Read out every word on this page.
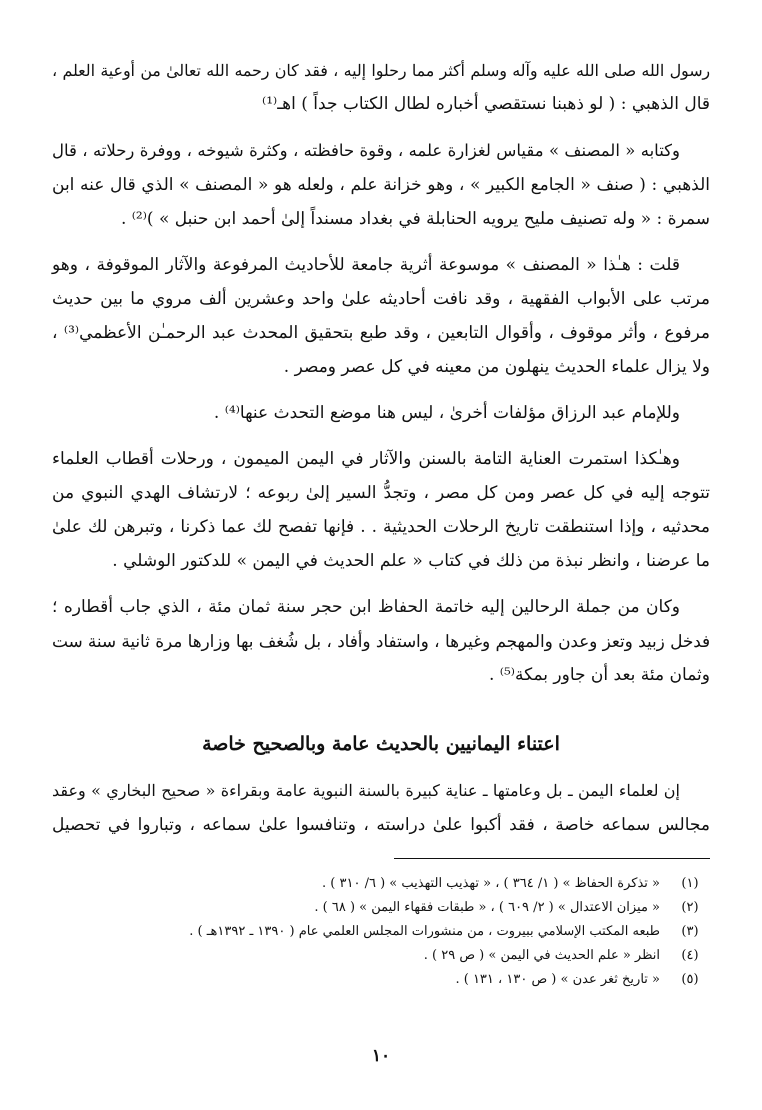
رسول الله صلى الله عليه وآله وسلم أكثر مما رحلوا إليه ، فقد كان رحمه الله تعالىٰ من أوعية العلم ،
قال الذهبي : ( لو ذهبنا نستقصي أخباره لطال الكتاب جداً ) اهـ⁽¹⁾
وكتابه « المصنف » مقياس لغزارة علمه ، وقوة حافظته ، وكثرة شيوخه ، ووفرة رحلاته ، قال
الذهبي : ( صنف « الجامع الكبير » ، وهو خزانة علم ، ولعله هو « المصنف » الذي قال عنه ابن
سمرة : « وله تصنيف مليح يرويه الحنابلة في بغداد مسنداً إلىٰ أحمد ابن حنبل » )⁽²⁾ .
قلت : هـٰذا « المصنف » موسوعة أثرية جامعة للأحاديث المرفوعة والآثار الموقوفة ، وهو
مرتب على الأبواب الفقهية ، وقد نافت أحاديثه علىٰ واحد وعشرين ألف مروي ما بين حديث
مرفوع ، وأثر موقوف ، وأقوال التابعين ، وقد طبع بتحقيق المحدث عبد الرحمـٰن الأعظمي⁽³⁾ ،
ولا يزال علماء الحديث ينهلون من معينه في كل عصر ومصر .
وللإمام عبد الرزاق مؤلفات أخرىٰ ، ليس هنا موضع التحدث عنها⁽⁴⁾ .
وهـٰكذا استمرت العناية التامة بالسنن والآثار في اليمن الميمون ، ورحلات أقطاب العلماء
تتوجه إليه في كل عصر ومن كل مصر ، وتجدُّ السير إلىٰ ربوعه ؛ لارتشاف الهدي النبوي من
محدثيه ، وإذا استنطقت تاريخ الرحلات الحديثية . . فإنها تفصح لك عما ذكرنا ، وتبرهن لك علىٰ
ما عرضنا ، وانظر نبذة من ذلك في كتاب « علم الحديث في اليمن » للدكتور الوشلي .
وكان من جملة الرحالين إليه خاتمة الحفاظ ابن حجر سنة ثمان مئة ، الذي جاب أقطاره ؛
فدخل زبيد وتعز وعدن والمهجم وغيرها ، واستفاد وأفاد ، بل شُغف بها وزارها مرة ثانية سنة ست
وثمان مئة بعد أن جاور بمكة⁽⁵⁾ .
اعتناء اليمانيين بالحديث عامة وبالصحيح خاصة
إن لعلماء اليمن ـ بل وعامتها ـ عناية كبيرة بالسنة النبوية عامة وبقراءة « صحيح البخاري » وعقد
مجالس سماعه خاصة ، فقد أكبوا علىٰ دراسته ، وتنافسوا علىٰ سماعه ، وتباروا في تحصيل
(١)« تذكرة الحفاظ » ( ١/ ٣٦٤ ) ، « تهذيب التهذيب » ( ٦/ ٣١٠ ) .
(٢)« ميزان الاعتدال » ( ٢/ ٦٠٩ ) ، « طبقات فقهاء اليمن » ( ٦٨ ) .
(٣)طبعه المكتب الإسلامي ببيروت ، من منشورات المجلس العلمي عام ( ١٣٩٠ ـ ١٣٩٢هـ ) .
(٤)انظر « علم الحديث في اليمن » ( ص ٢٩ ) .
(٥)« تاريخ ثغر عدن » ( ص ١٣٠ ، ١٣١ ) .
١٠
